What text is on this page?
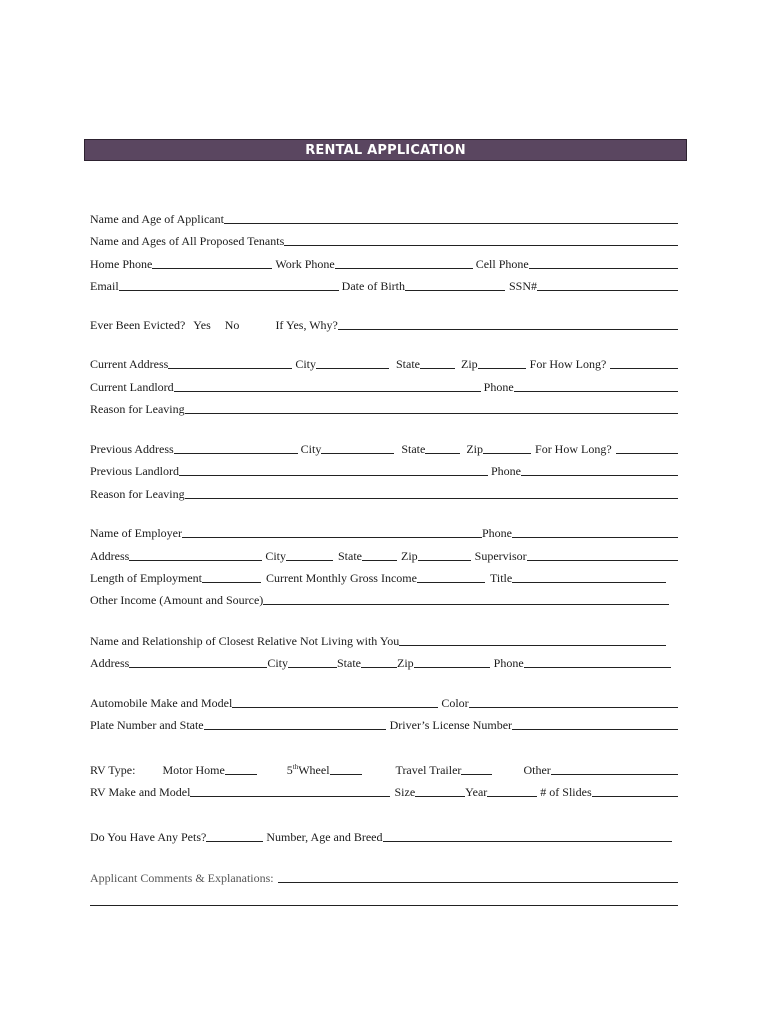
RENTAL APPLICATION
Name and Age of Applicant
Name and Ages of All Proposed Tenants
Home Phone	Work Phone	Cell Phone
Email	Date of Birth	SSN#
Ever Been Evicted? Yes No	If Yes, Why?
Current Address	City	State	Zip	For How Long?
Current Landlord	Phone
Reason for Leaving
Previous Address	City	State	Zip	For How Long?
Previous Landlord	Phone
Reason for Leaving
Name of Employer	Phone
Address	City	State	Zip	Supervisor
Length of Employment	Current Monthly Gross Income	Title
Other Income (Amount and Source)
Name and Relationship of Closest Relative Not Living with You
Address	City	State	Zip	Phone
Automobile Make and Model	Color
Plate Number and State	Driver’s License Number
RV Type: Motor Home	5thWheel	Travel Trailer	Other
RV Make and Model	Size	Year	# of Slides
Do You Have Any Pets?	Number, Age and Breed
Applicant Comments & Explanations:
